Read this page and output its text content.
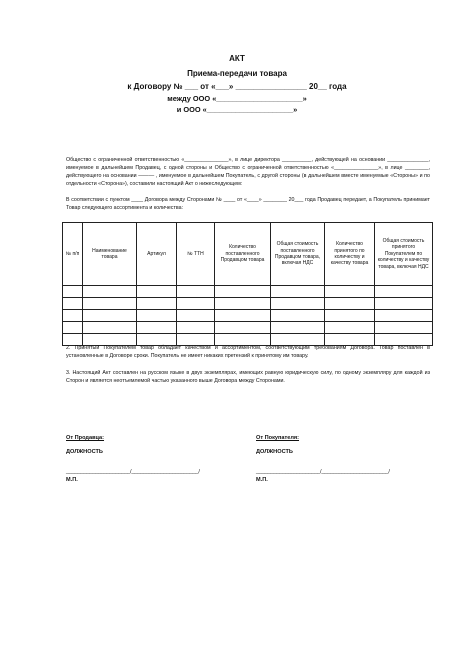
АКТ
Приема-передачи товара
к Договору № ___ от «___» ________________ 20__ года
между ООО «_____________________»
и ООО «_____________________»
Общество с ограниченной ответственностью «_______________», в лице директора __________, действующей на основании ______________, именуемое в дальнейшем Продавец, с одной стороны и Общество с ограниченной ответственностью «_______________», в лице ________, действующего на основании ——— , именуемое в дальнейшем Покупатель, с другой стороны (в дальнейшем вместе именуемые «Стороны» и по отдельности «Сторона»), составили настоящий Акт о нижеследующем:
В соответствии с пунктом ____ Договора между Сторонами № ____ от «____» ________ 20___ года Продавец передает, а Покупатель принимает Товар следующего ассортимента и количества:
№ п/п	Наименование товара	Артикул	№ ТТН	Количество поставленного Продавцом товара	Общая стоимость поставленного Продавцом товара, включая НДС	Количество принятого по количеству и качеству товара	Общая стоимость принятого Покупателем по количеству и качеству товара, включая НДС

2. Принятый Покупателем товар обладает качеством и ассортиментом, соответствующим требованиям Договора. Товар поставлен в установленные в Договоре сроки. Покупатель не имеет никаких претензий к принятому им товару.
3. Настоящий Акт составлен на русском языке в двух экземплярах, имеющих равную юридическую силу, по одному экземпляру для каждой из Сторон и является неотъемлемой частью указанного выше Договора между Сторонами.
От Продавца:
ДОЛЖНОСТЬ
______________________/_______________________/
М.П.
От Покупателя:
ДОЛЖНОСТЬ
______________________/_______________________/
М.П.
